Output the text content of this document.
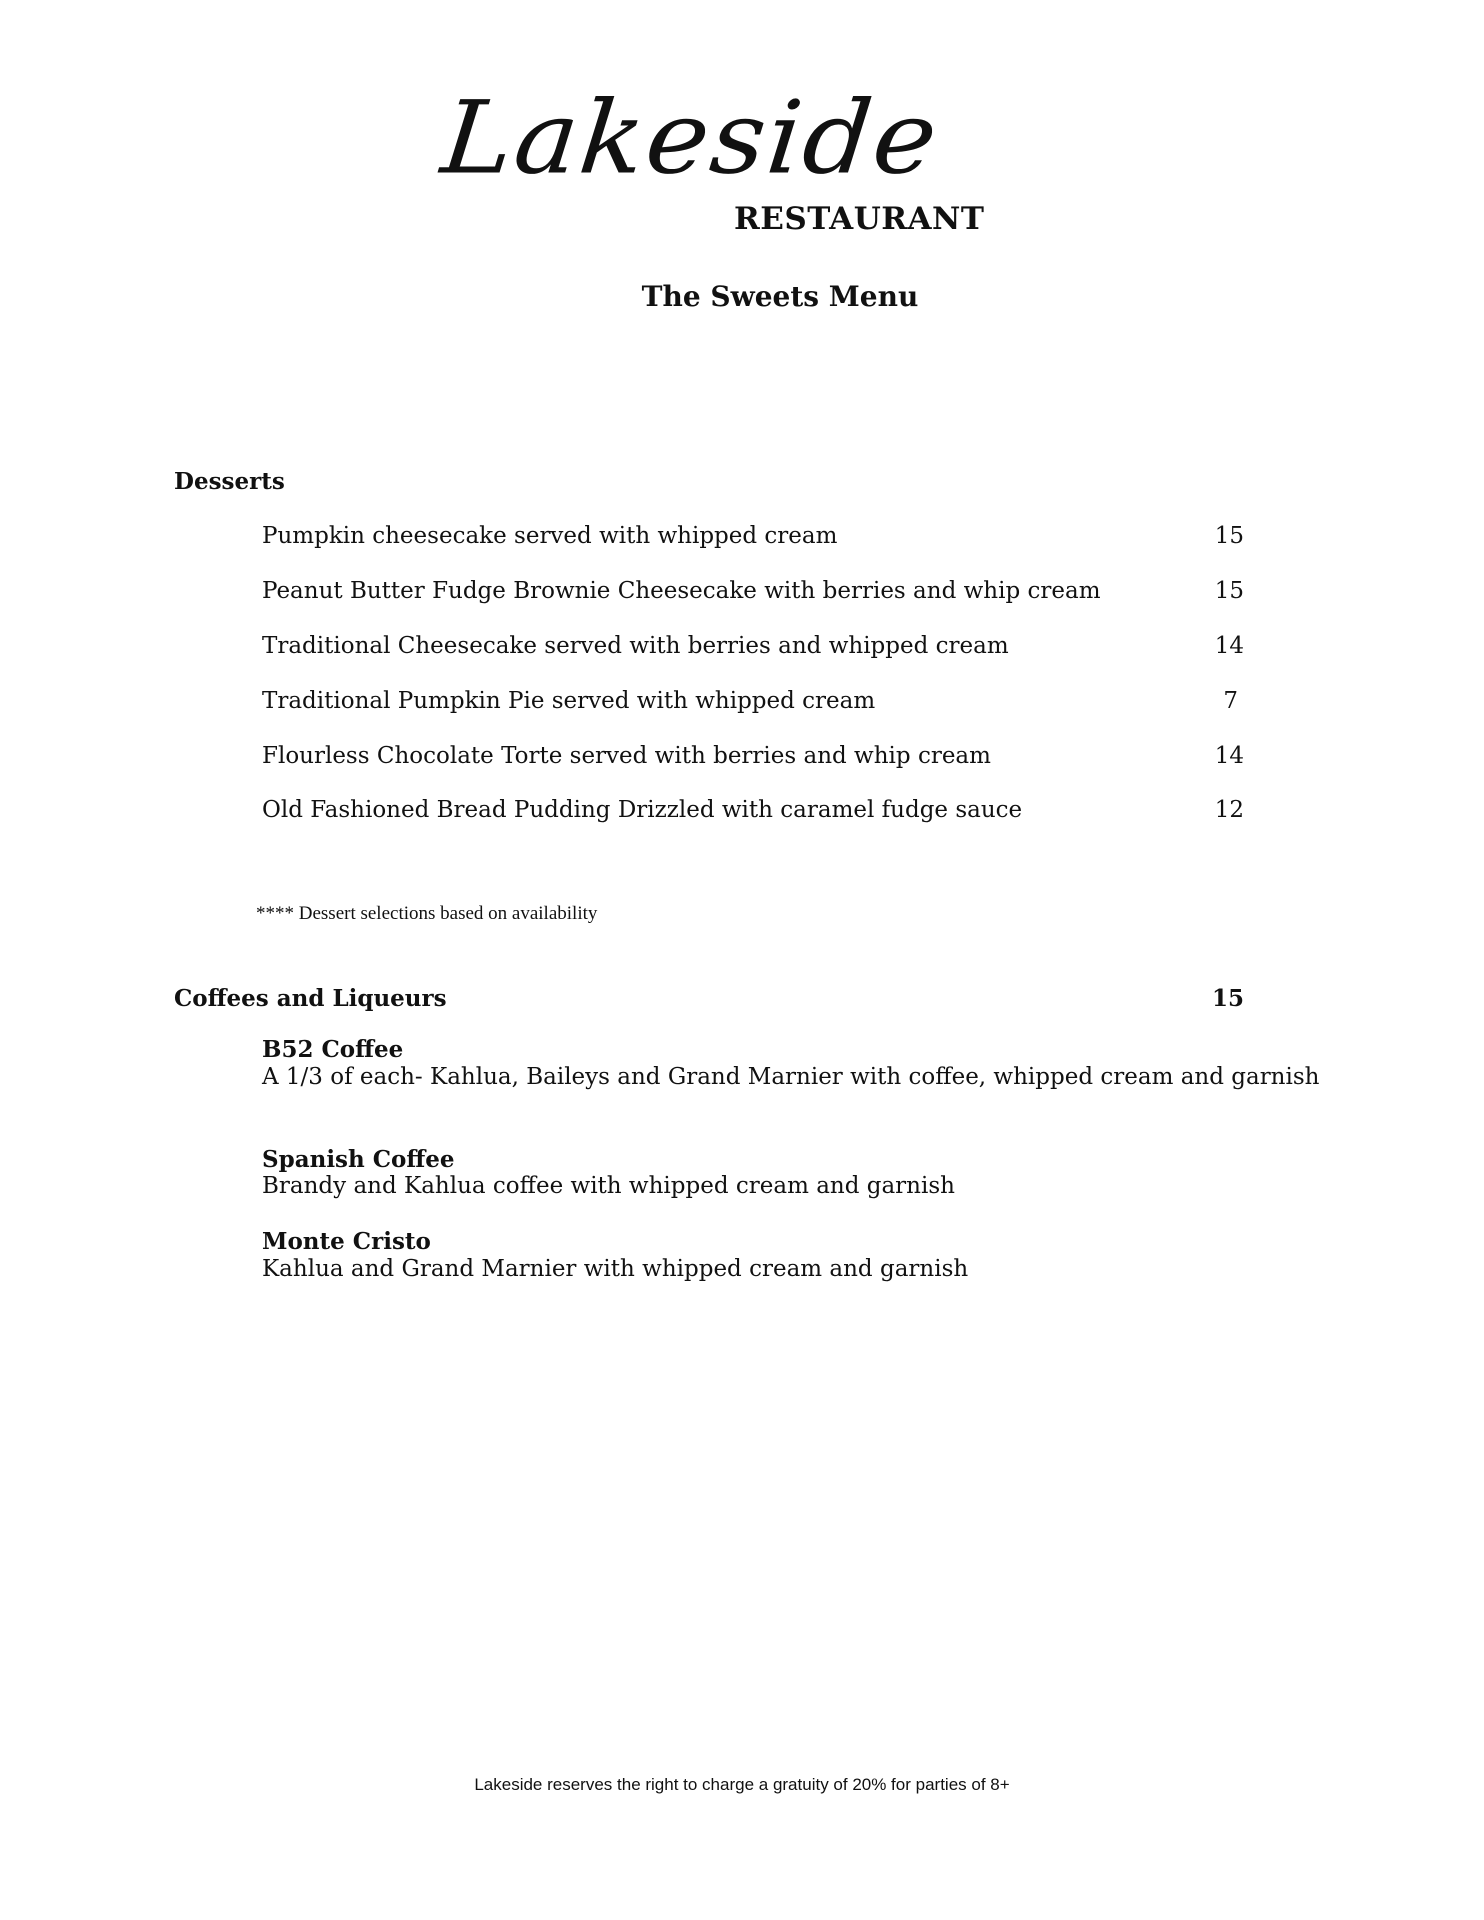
Lakeside
RESTAURANT
The Sweets Menu
Desserts
Pumpkin cheesecake served with whipped cream	15
Peanut Butter Fudge Brownie Cheesecake with berries and whip cream	15
Traditional Cheesecake served with berries and whipped cream	14
Traditional Pumpkin Pie served with whipped cream	7
Flourless Chocolate Torte served with berries and whip cream	14
Old Fashioned Bread Pudding Drizzled with caramel fudge sauce	12
**** Dessert selections based on availability
Coffees and Liqueurs	15
B52 Coffee
A 1/3 of each- Kahlua, Baileys and Grand Marnier with coffee, whipped cream and garnish
Spanish Coffee
Brandy and Kahlua coffee with whipped cream and garnish
Monte Cristo
Kahlua and Grand Marnier with whipped cream and garnish
Lakeside reserves the right to charge a gratuity of 20% for parties of 8+
